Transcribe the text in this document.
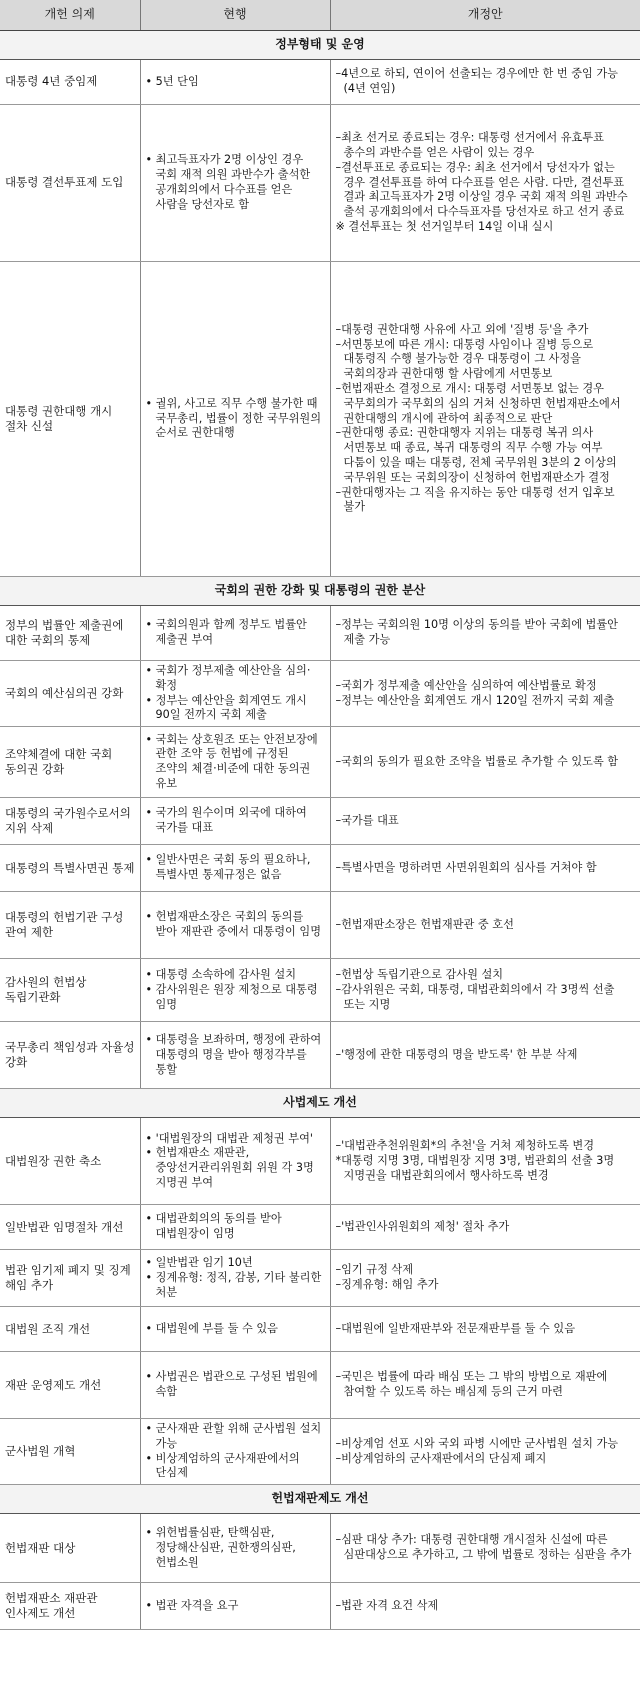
개헌 의제	현행	개정안
정부형태 및 운영		
대통령 4년 중임제	• 5년 단임	–4년으로 하되, 연이어 선출되는 경우에만 한 번 중임 가능(4년 연임)

대통령 결선투표제 도입	• 최고득표자가 2명 이상인 경우 국회 재적 의원 과반수가 출석한 공개회의에서 다수표를 얻은 사람을 당선자로 함	–최초 선거로 종료되는 경우: 대통령 선거에서 유효투표 총수의 과반수를 얻은 사람이 있는 경우
–결선투표로 종료되는 경우: 최초 선거에서 당선자가 없는 경우 결선투표를 하여 다수표를 얻은 사람. 다만, 결선투표 결과 최고득표자가 2명 이상일 경우 국회 재적 의원 과반수 출석 공개회의에서 다수득표자를 당선자로 하고 선거 종료
※ 결선투표는 첫 선거일부터 14일 이내 실시

대통령 권한대행 개시 절차 신설	• 궐위, 사고로 직무 수행 불가한 때 국무총리, 법률이 정한 국무위원의 순서로 권한대행	–대통령 권한대행 사유에 사고 외에 '질병 등'을 추가
–서면통보에 따른 개시: 대통령 사임이나 질병 등으로 대통령직 수행 불가능한 경우 대통령이 그 사정을 국회의장과 권한대행 할 사람에게 서면통보
–헌법재판소 결정으로 개시: 대통령 서면통보 없는 경우 국무회의가 국무회의 심의 거쳐 신청하면 헌법재판소에서 권한대행의 개시에 관하여 최종적으로 판단
–권한대행 종료: 권한대행자 지위는 대통령 복귀 의사 서면통보 때 종료, 복귀 대통령의 직무 수행 가능 여부 다툼이 있을 때는 대통령, 전체 국무위원 3분의 2 이상의 국무위원 또는 국회의장이 신청하여 헌법재판소가 결정
–권한대행자는 그 직을 유지하는 동안 대통령 선거 입후보 불가

국회의 권한 강화 및 대통령의 권한 분산		
정부의 법률안 제출권에 대한 국회의 통제	• 국회의원과 함께 정부도 법률안 제출권 부여	–정부는 국회의원 10명 이상의 동의를 받아 국회에 법률안 제출 가능

국회의 예산심의권 강화	• 국회가 정부제출 예산안을 심의·확정
• 정부는 예산안을 회계연도 개시 90일 전까지 국회 제출	–국회가 정부제출 예산안을 심의하여 예산법률로 확정
–정부는 예산안을 회계연도 개시 120일 전까지 국회 제출

조약체결에 대한 국회 동의권 강화	• 국회는 상호원조 또는 안전보장에 관한 조약 등 헌법에 규정된 조약의 체결·비준에 대한 동의권 유보	–국회의 동의가 필요한 조약을 법률로 추가할 수 있도록 함

대통령의 국가원수로서의 지위 삭제	• 국가의 원수이며 외국에 대하여 국가를 대표	–국가를 대표

대통령의 특별사면권 통제	• 일반사면은 국회 동의 필요하나, 특별사면 통제규정은 없음	–특별사면을 명하려면 사면위원회의 심사를 거쳐야 함

대통령의 헌법기관 구성 관여 제한	• 헌법재판소장은 국회의 동의를 받아 재판관 중에서 대통령이 임명	–헌법재판소장은 헌법재판관 중 호선

감사원의 헌법상 독립기관화	• 대통령 소속하에 감사원 설치
• 감사위원은 원장 제청으로 대통령 임명	–헌법상 독립기관으로 감사원 설치
–감사위원은 국회, 대통령, 대법관회의에서 각 3명씩 선출 또는 지명

국무총리 책임성과 자율성 강화	• 대통령을 보좌하며, 행정에 관하여 대통령의 명을 받아 행정각부를 통할	–'행정에 관한 대통령의 명을 받도록' 한 부분 삭제

사법제도 개선		
대법원장 권한 축소	• '대법원장의 대법관 제청권 부여'
• 헌법재판소 재판관, 중앙선거관리위원회 위원 각 3명 지명권 부여	–'대법관추천위원회*의 추천'을 거쳐 제청하도록 변경
*대통령 지명 3명, 대법원장 지명 3명, 법관회의 선출 3명 지명권을 대법관회의에서 행사하도록 변경

일반법관 임명절차 개선	• 대법관회의의 동의를 받아 대법원장이 임명	–'법관인사위원회의 제청' 절차 추가

법관 임기제 폐지 및 징계 해임 추가	• 일반법관 임기 10년
• 징계유형: 정직, 감봉, 기타 불리한 처분	–임기 규정 삭제
–징계유형: 해임 추가

대법원 조직 개선	• 대법원에 부를 둘 수 있음	–대법원에 일반재판부와 전문재판부를 둘 수 있음

재판 운영제도 개선	• 사법권은 법관으로 구성된 법원에 속함	–국민은 법률에 따라 배심 또는 그 밖의 방법으로 재판에 참여할 수 있도록 하는 배심제 등의 근거 마련

군사법원 개혁	• 군사재판 관할 위해 군사법원 설치 가능
• 비상계엄하의 군사재판에서의 단심제	–비상계엄 선포 시와 국외 파병 시에만 군사법원 설치 가능
–비상계엄하의 군사재판에서의 단심제 폐지

헌법재판제도 개선		
헌법재판 대상	• 위헌법률심판, 탄핵심판, 정당해산심판, 권한쟁의심판, 헌법소원	–심판 대상 추가: 대통령 권한대행 개시절차 신설에 따른 심판대상으로 추가하고, 그 밖에 법률로 정하는 심판을 추가

헌법재판소 재판관 인사제도 개선	• 법관 자격을 요구	–법관 자격 요건 삭제
